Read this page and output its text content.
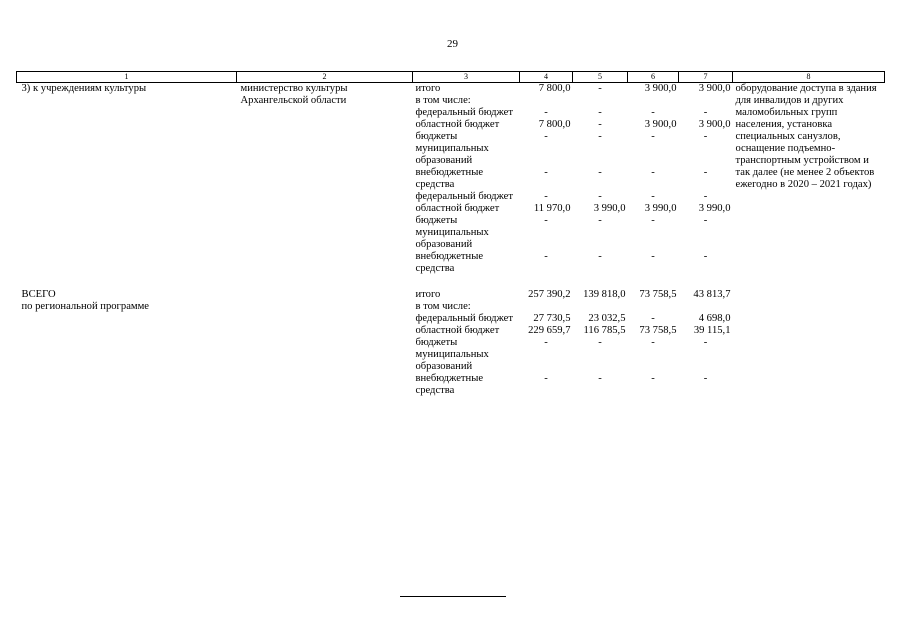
29
1	2	3	4	5	6	7	8
3) к учреждениям культуры	министерство культуры Архангельской области	итого	7 800,0	-	3 900,0	3 900,0	оборудование доступа в здания для инвалидов и других маломобильных групп населения, установка специальных санузлов, оснащение подъемно-транспортным устройством и так далее (не менее 2 объектов ежегодно в 2020 – 2021 годах)
		в том числе:					
		федеральный бюджет	-	-	-	-	
		областной бюджет	7 800,0	-	3 900,0	3 900,0	
		бюджеты муниципальных образований	-	-	-	-	
		внебюджетные средства	-	-	-	-	
		федеральный бюджет	-	-	-	-	
		областной бюджет	11 970,0	3 990,0	3 990,0	3 990,0	
		бюджеты муниципальных образований	-	-	-	-	
		внебюджетные средства	-	-	-	-	

ВСЕГО
по региональной программе		итого	257 390,2	139 818,0	73 758,5	43 813,7	
		в том числе:					
		федеральный бюджет	27 730,5	23 032,5	-	4 698,0	
		областной бюджет	229 659,7	116 785,5	73 758,5	39 115,1	
		бюджеты муниципальных образований	-	-	-	-	
		внебюджетные средства	-	-	-	-	
